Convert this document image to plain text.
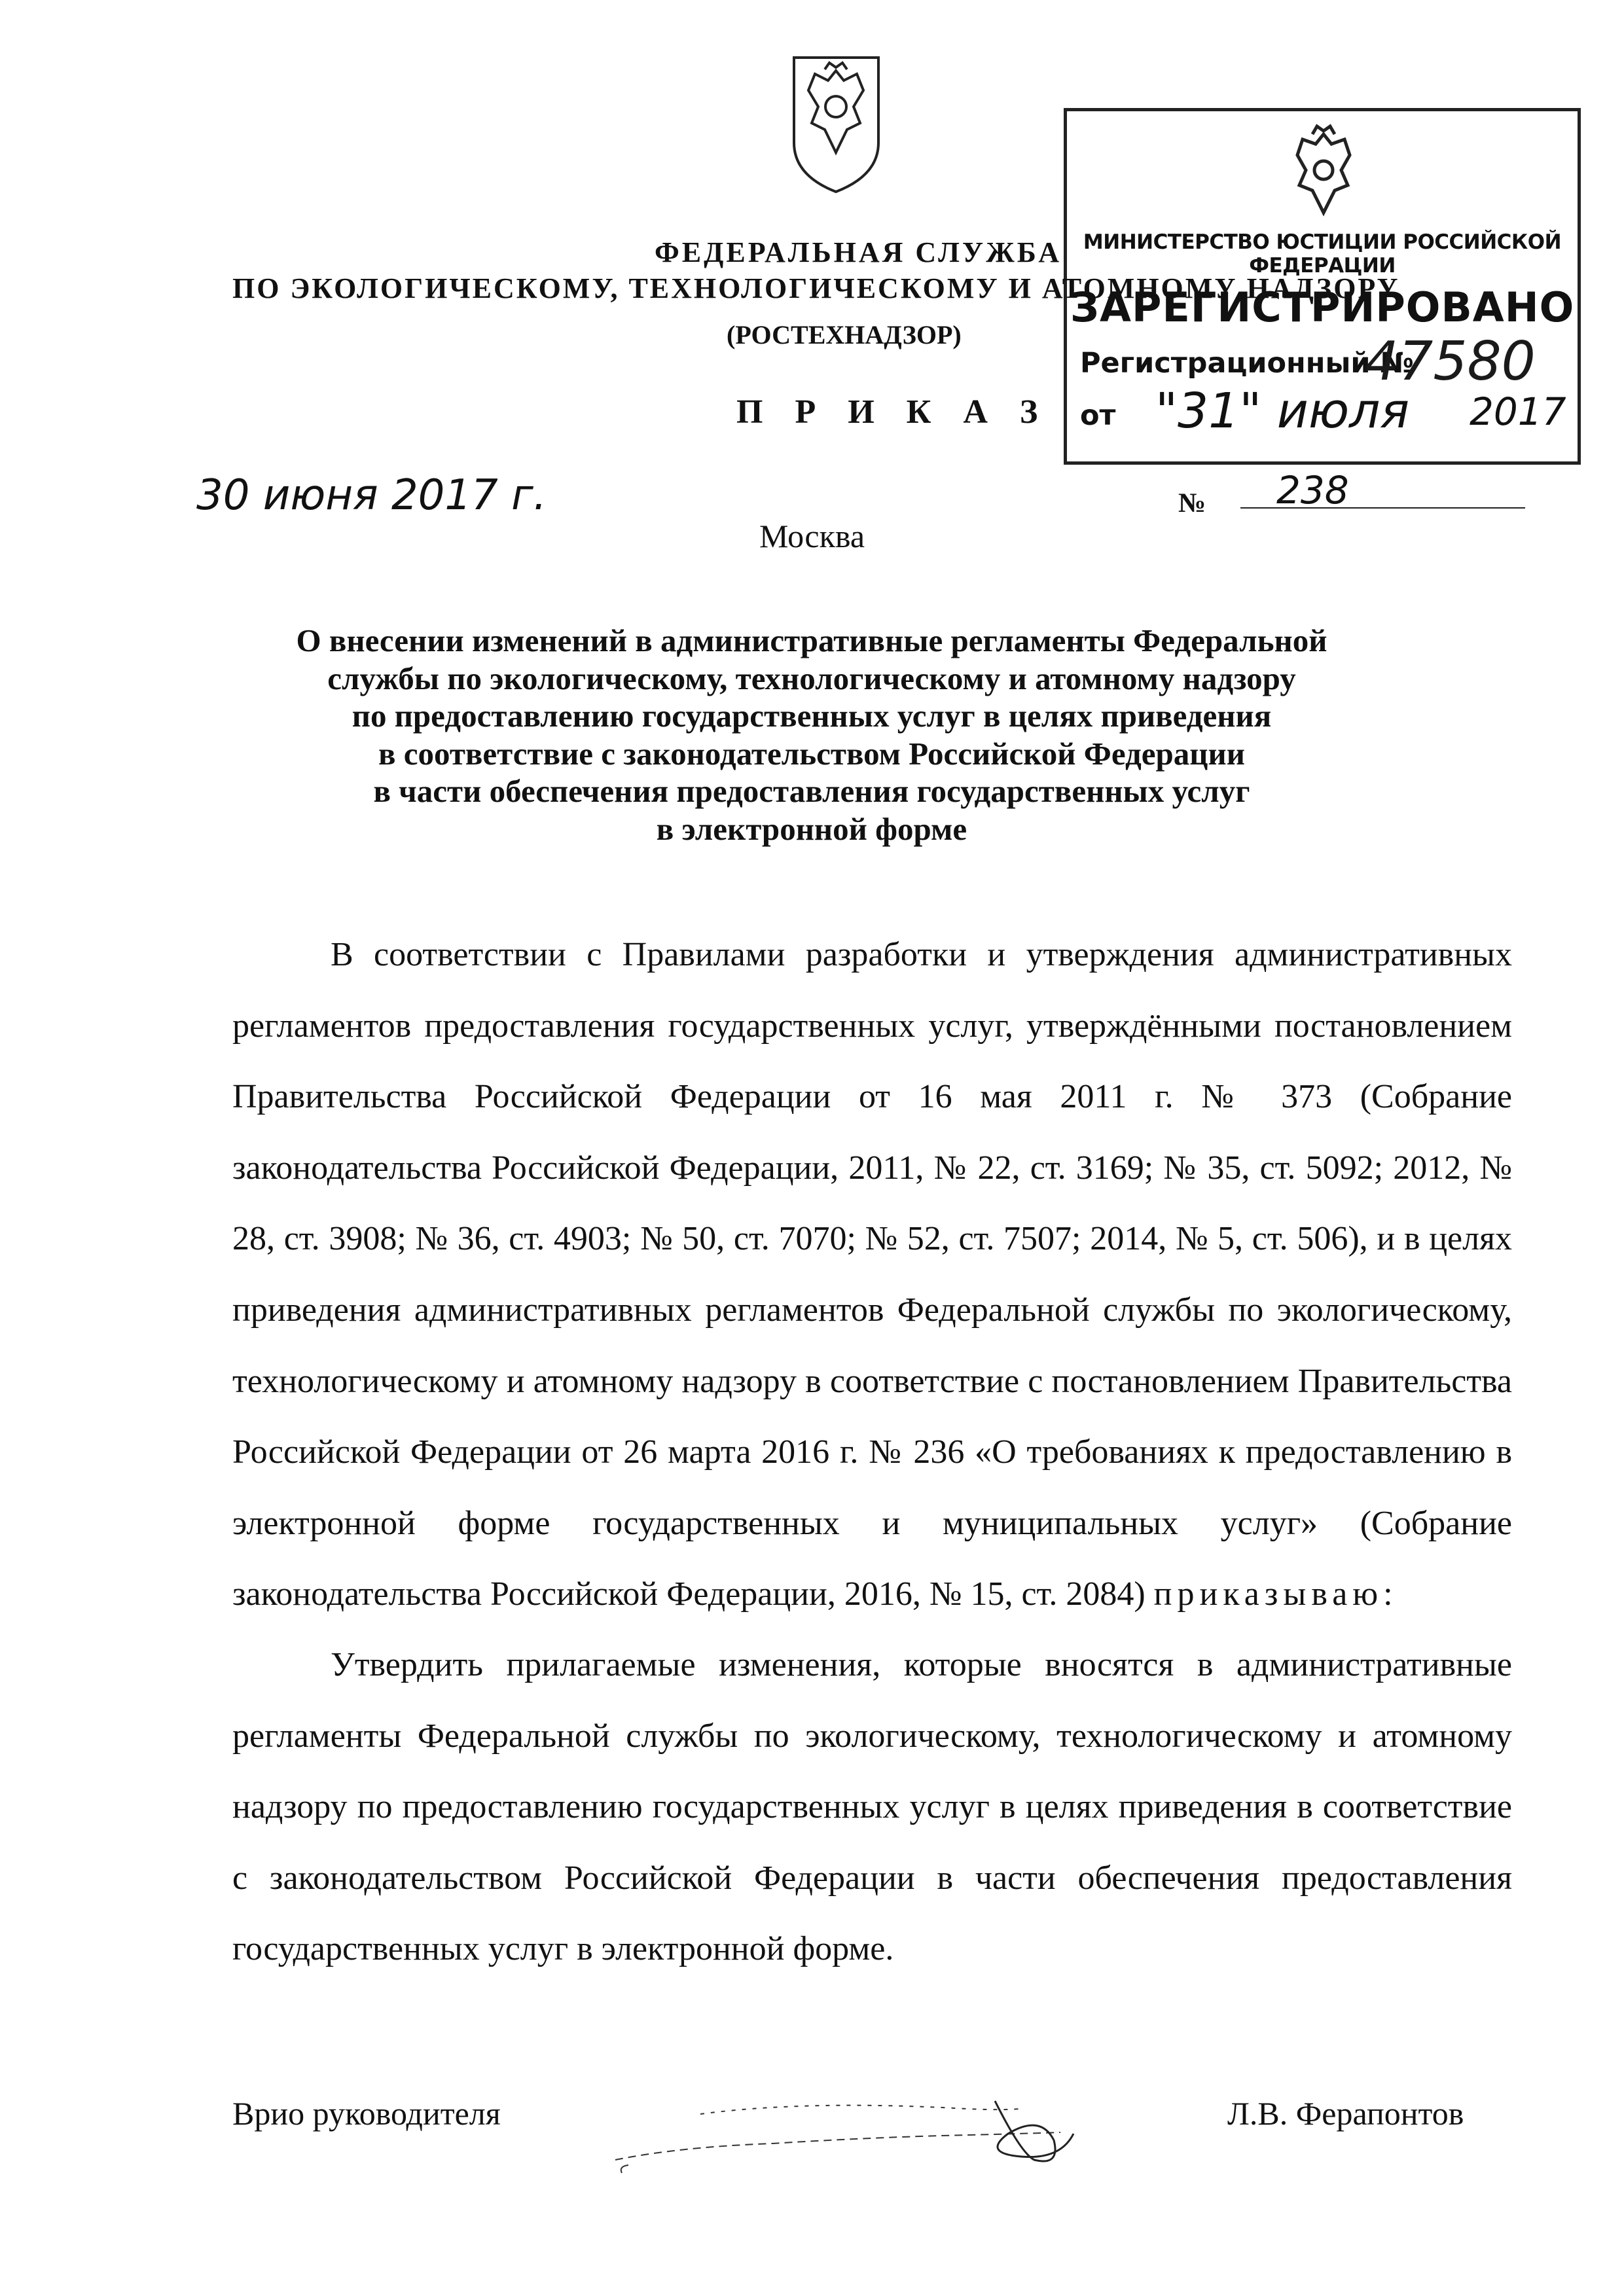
МИНИСТЕРСТВО ЮСТИЦИИ РОССИЙСКОЙ ФЕДЕРАЦИИ
ЗАРЕГИСТРИРОВАНО
Регистрационный №
47580
от "31" июля 2017
ФЕДЕРАЛЬНАЯ СЛУЖБА
ПО ЭКОЛОГИЧЕСКОМУ, ТЕХНОЛОГИЧЕСКОМУ И АТОМНОМУ НАДЗОРУ
(РОСТЕХНАДЗОР)
П Р И К А З
30 июня 2017 г.	№ 238
Москва
О внесении изменений в административные регламенты Федеральной
службы по экологическому, технологическому и атомному надзору
по предоставлению государственных услуг в целях приведения
в соответствие с законодательством Российской Федерации
в части обеспечения предоставления государственных услуг
в электронной форме

В соответствии с Правилами разработки и утверждения административных регламентов предоставления государственных услуг, утверждёнными постановлением Правительства Российской Федерации от 16 мая 2011 г. № 373 (Собрание законодательства Российской Федерации, 2011, № 22, ст. 3169; № 35, ст. 5092; 2012, № 28, ст. 3908; № 36, ст. 4903; № 50, ст. 7070; № 52, ст. 7507; 2014, № 5, ст. 506), и в целях приведения административных регламентов Федеральной службы по экологическому, технологическому и атомному надзору в соответствие с постановлением Правительства Российской Федерации от 26 марта 2016 г. № 236 «О требованиях к предоставлению в электронной форме государственных и муниципальных услуг» (Собрание законодательства Российской Федерации, 2016, № 15, ст. 2084) приказываю:

Утвердить прилагаемые изменения, которые вносятся в административные регламенты Федеральной службы по экологическому, технологическому и атомному надзору по предоставлению государственных услуг в целях приведения в соответствие с законодательством Российской Федерации в части обеспечения предоставления государственных услуг в электронной форме.

Врио руководителя	Л.В. Ферапонтов
